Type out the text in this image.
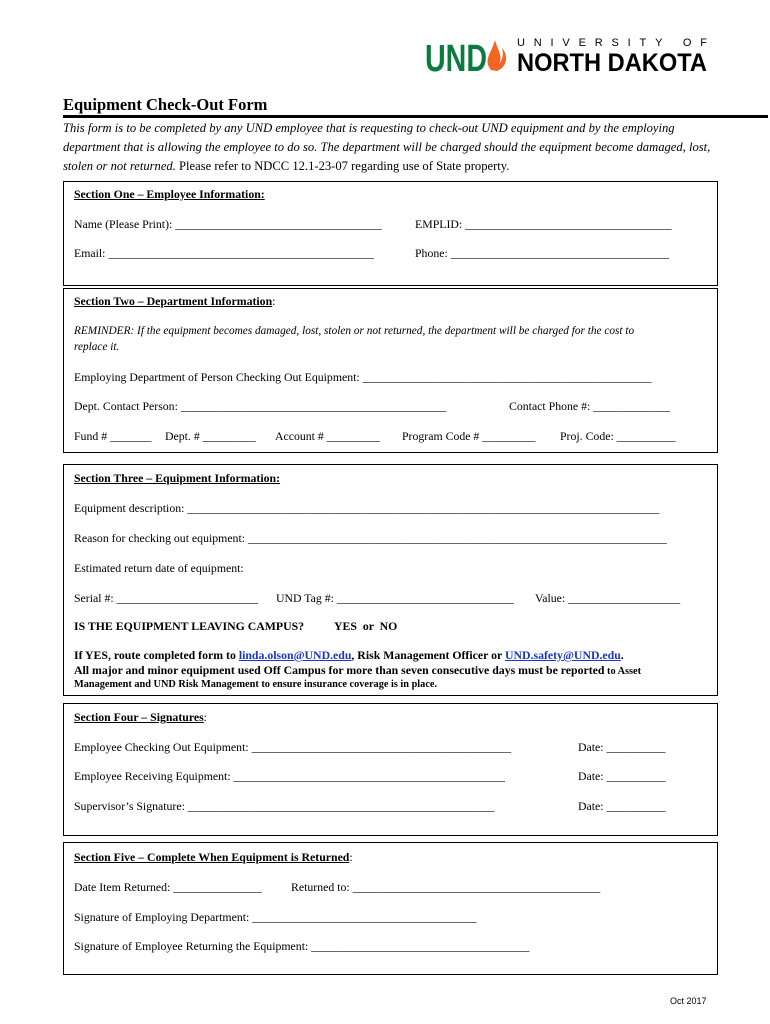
UND	UNIVERSITY OF
NORTH DAKOTA
Equipment Check-Out Form
This form is to be completed by any UND employee that is requesting to check-out UND equipment and by the employing department that is allowing the employee to do so. The department will be charged should the equipment become damaged, lost, stolen or not returned. Please refer to NDCC 12.1-23-07 regarding use of State property.
Section One – Employee Information:
Name (Please Print): ___________________________________	EMPLID: ___________________________________
Email: _____________________________________________	Phone: _____________________________________
Section Two – Department Information:
REMINDER: If the equipment becomes damaged, lost, stolen or not returned, the department will be charged for the cost to
replace it.
Employing Department of Person Checking Out Equipment: _________________________________________________
Dept. Contact Person: _____________________________________________	Contact Phone #: _____________
Fund # _______ Dept. # _________ Account # _________ Program Code # _________ Proj. Code: __________
Section Three – Equipment Information:
Equipment description: ________________________________________________________________________________
Reason for checking out equipment: _______________________________________________________________________
Estimated return date of equipment:
Serial #: ________________________ UND Tag #: ______________________________ Value: ___________________
IS THE EQUIPMENT LEAVING CAMPUS?	YES  or  NO
If YES, route completed form to linda.olson@UND.edu, Risk Management Officer or UND.safety@UND.edu.
All major and minor equipment used Off Campus for more than seven consecutive days must be reported to Asset
Management and UND Risk Management to ensure insurance coverage is in place.
Section Four – Signatures:
Employee Checking Out Equipment: ____________________________________________	Date: __________
Employee Receiving Equipment: ______________________________________________	Date: __________
Supervisor’s Signature: ____________________________________________________	Date: __________
Section Five – Complete When Equipment is Returned:
Date Item Returned: _______________ Returned to: __________________________________________
Signature of Employing Department: ______________________________________
Signature of Employee Returning the Equipment: _____________________________________
Oct 2017
